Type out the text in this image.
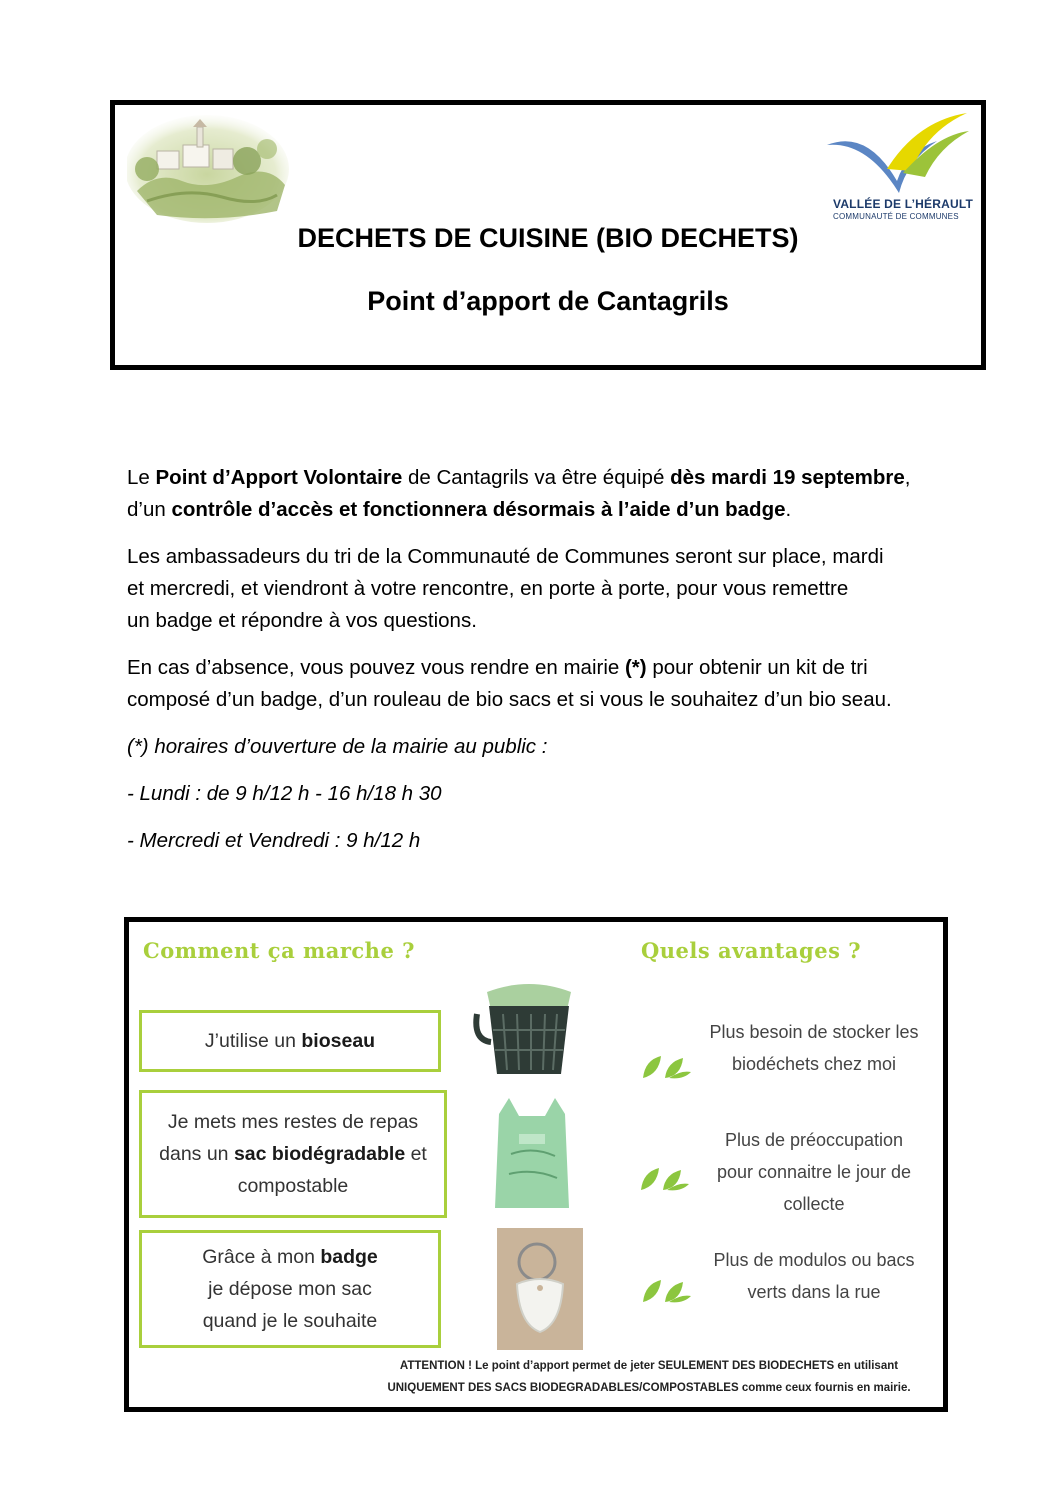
VALLÉE DE L’HÉRAULT
COMMUNAUTÉ DE COMMUNES
DECHETS DE CUISINE (BIO DECHETS)
Point d’apport de Cantagrils

Le Point d’Apport Volontaire de Cantagrils va être équipé dès mardi 19 septembre,
d’un contrôle d’accès et fonctionnera désormais à l’aide d’un badge.

Les ambassadeurs du tri de la Communauté de Communes seront sur place, mardi
et mercredi, et viendront à votre rencontre, en porte à porte, pour vous remettre
un badge et répondre à vos questions.

En cas d’absence, vous pouvez vous rendre en mairie (*) pour obtenir un kit de tri
composé d’un badge, d’un rouleau de bio sacs et si vous le souhaitez d’un bio seau.

(*) horaires d’ouverture de la mairie au public :

- Lundi : de 9 h/12 h - 16 h/18 h 30

- Mercredi et Vendredi : 9 h/12 h

Comment ça marche ?	Quels avantages ?
J’utilise un bioseau
Je mets mes restes de repas
dans un sac biodégradable et
compostable
Grâce à mon badge
je dépose mon sac
quand je le souhaite
Plus besoin de stocker les
biodéchets chez moi
Plus de préoccupation
pour connaitre le jour de
collecte
Plus de modulos ou bacs
verts dans la rue
ATTENTION ! Le point d’apport permet de jeter SEULEMENT DES BIODECHETS en utilisant
UNIQUEMENT DES SACS BIODEGRADABLES/COMPOSTABLES comme ceux fournis en mairie.
